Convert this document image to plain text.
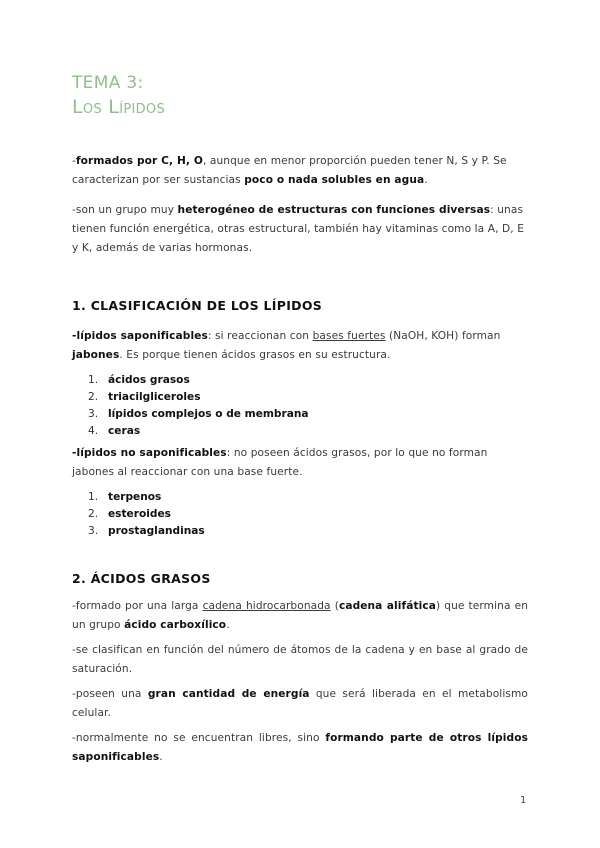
TEMA 3:
Los Lípidos
-formados por C, H, O, aunque en menor proporción pueden tener N, S y P. Se caracterizan por ser sustancias poco o nada solubles en agua.
-son un grupo muy heterogéneo de estructuras con funciones diversas: unas tienen función energética, otras estructural, también hay vitaminas como la A, D, E y K, además de varias hormonas.
1. CLASIFICACIÓN DE LOS LÍPIDOS
-lípidos saponificables: si reaccionan con bases fuertes (NaOH, KOH) forman jabones. Es porque tienen ácidos grasos en su estructura.
1. ácidos grasos
2. triacilgliceroles
3. lípidos complejos o de membrana
4. ceras
-lípidos no saponificables: no poseen ácidos grasos, por lo que no forman jabones al reaccionar con una base fuerte.
1. terpenos
2. esteroides
3. prostaglandinas
2. ÁCIDOS GRASOS
-formado por una larga cadena hidrocarbonada (cadena alifática) que termina en un grupo ácido carboxílico.
-se clasifican en función del número de átomos de la cadena y en base al grado de saturación.
-poseen una gran cantidad de energía que será liberada en el metabolismo celular.
-normalmente no se encuentran libres, sino formando parte de otros lípidos saponificables.
1
